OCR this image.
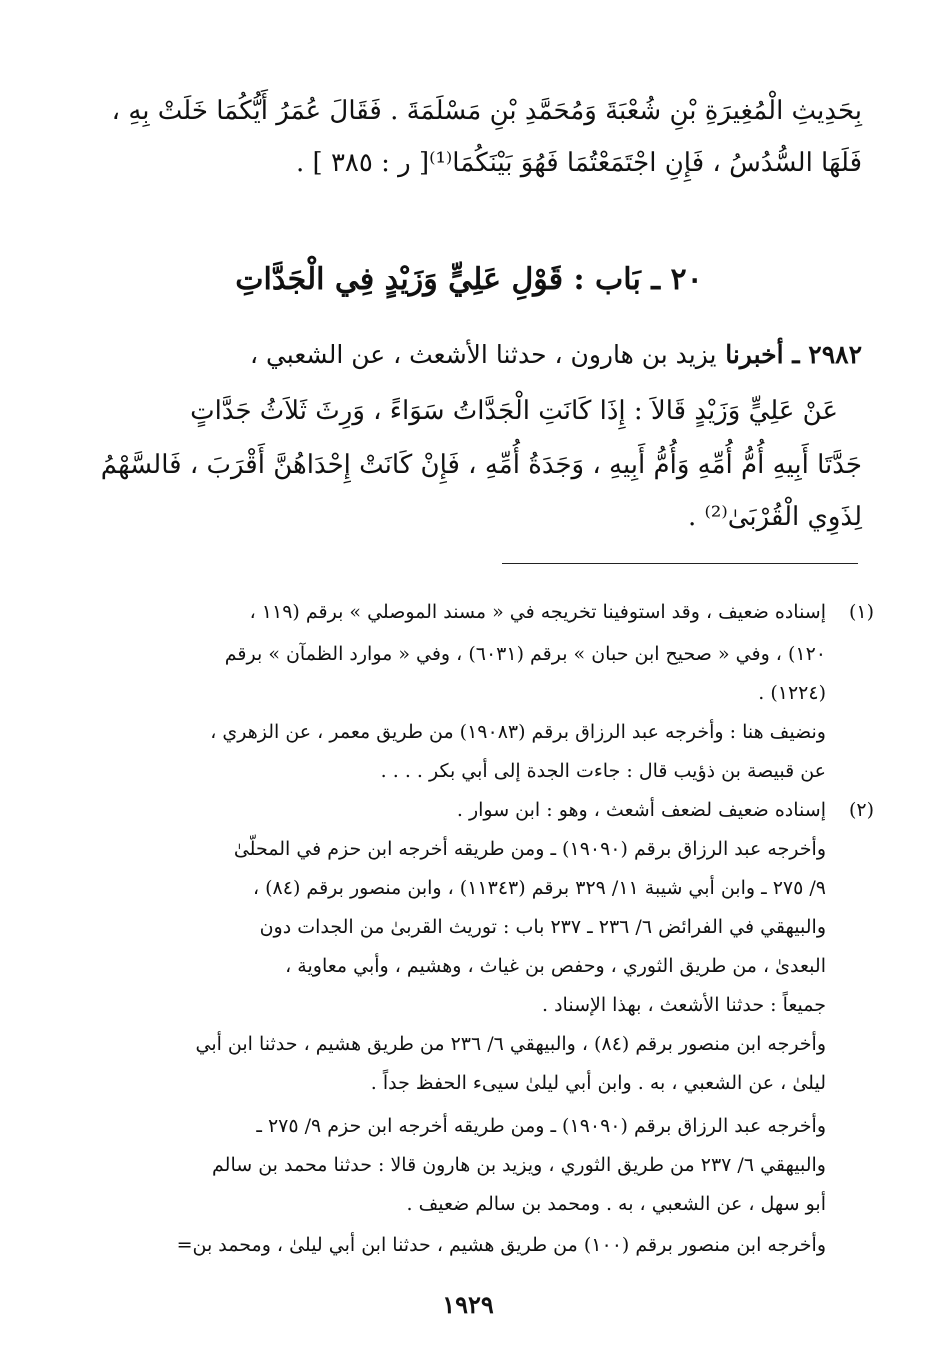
بِحَدِيثِ الْمُغِيرَةِ بْنِ شُعْبَةَ وَمُحَمَّدِ بْنِ مَسْلَمَةَ . فَقَالَ عُمَرُ أَيُّكُمَا خَلَتْ بِهِ ،
فَلَهَا السُّدُسُ ، فَإِنِ اجْتَمَعْتُمَا فَهُوَ بَيْنَكُمَا⁽¹⁾[ ر : ٣٨٥ ] .
٢٠ ـ بَاب : قَوْلِ عَلِيٍّ وَزَيْدٍ فِي الْجَدَّاتِ
٢٩٨٢ ـ أخبرنا يزيد بن هارون ، حدثنا الأشعث ، عن الشعبي ،
عَنْ عَلِيٍّ وَزَيْدٍ قَالاَ : إِذَا كَانَتِ الْجَدَّاتُ سَوَاءً ، وَرِثَ ثَلاَثُ جَدَّاتٍ
جَدَّتَا أَبِيهِ أُمُّ أُمِّهِ وَأُمُّ أَبِيهِ ، وَجَدَةُ أُمِّهِ ، فَإِنْ كَانَتْ إِحْدَاهُنَّ أَقْرَبَ ، فَالسَّهْمُ
لِذَوِي الْقُرْبَىٰ⁽²⁾ .
(١)
إسناده ضعيف ، وقد استوفينا تخريجه في « مسند الموصلي » برقم (١١٩ ،
١٢٠) ، وفي « صحيح ابن حبان » برقم (٦٠٣١) ، وفي « موارد الظمآن » برقم
(١٢٢٤) .
ونضيف هنا : وأخرجه عبد الرزاق برقم (١٩٠٨٣) من طريق معمر ، عن الزهري ،
عن قبيصة بن ذؤيب قال : جاءت الجدة إلى أبي بكر . . . .
(٢)
إسناده ضعيف لضعف أشعث ، وهو : ابن سوار .
وأخرجه عبد الرزاق برقم (١٩٠٩٠) ـ ومن طريقه أخرجه ابن حزم في المحلّىٰ
٩/ ٢٧٥ ـ وابن أبي شيبة ١١/ ٣٢٩ برقم (١١٣٤٣) ، وابن منصور برقم (٨٤) ،
والبيهقي في الفرائض ٦/ ٢٣٦ ـ ٢٣٧ باب : توريث القربىٰ من الجدات دون
البعدىٰ ، من طريق الثوري ، وحفص بن غياث ، وهشيم ، وأبي معاوية ،
جميعاً : حدثنا الأشعث ، بهذا الإسناد .
وأخرجه ابن منصور برقم (٨٤) ، والبيهقي ٦/ ٢٣٦ من طريق هشيم ، حدثنا ابن أبي
ليلىٰ ، عن الشعبي ، به . وابن أبي ليلىٰ سيىء الحفظ جداً .
وأخرجه عبد الرزاق برقم (١٩٠٩٠) ـ ومن طريقه أخرجه ابن حزم ٩/ ٢٧٥ ـ
والبيهقي ٦/ ٢٣٧ من طريق الثوري ، ويزيد بن هارون قالا : حدثنا محمد بن سالم
أبو سهل ، عن الشعبي ، به . ومحمد بن سالم ضعيف .
وأخرجه ابن منصور برقم (١٠٠) من طريق هشيم ، حدثنا ابن أبي ليلىٰ ، ومحمد بن=
١٩٢٩
